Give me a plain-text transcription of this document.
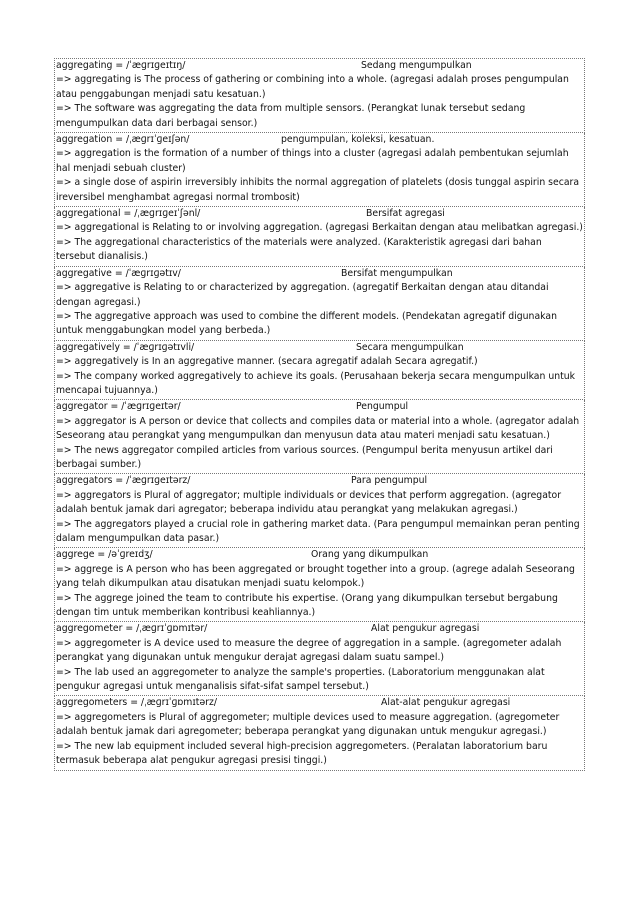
aggregating = /ˈæɡrɪɡeɪtɪŋ/	Sedang mengumpulkan
=> aggregating is The process of gathering or combining into a whole. (agregasi adalah proses pengumpulan atau penggabungan menjadi satu kesatuan.)
=> The software was aggregating the data from multiple sensors. (Perangkat lunak tersebut sedang mengumpulkan data dari berbagai sensor.)
aggregation = /ˌæɡrɪˈɡeɪʃən/	pengumpulan, koleksi, kesatuan.
=> aggregation is the formation of a number of things into a cluster (agregasi adalah pembentukan sejumlah hal menjadi sebuah cluster)
=> a single dose of aspirin irreversibly inhibits the normal aggregation of platelets (dosis tunggal aspirin secara
ireversibel menghambat agregasi normal trombosit)
aggregational = /ˌæɡrɪɡeɪˈʃənl/	Bersifat agregasi
=> aggregational is Relating to or involving aggregation. (agregasi Berkaitan dengan atau melibatkan agregasi.)
=> The aggregational characteristics of the materials were analyzed. (Karakteristik agregasi dari bahan tersebut dianalisis.)
aggregative = /ˈæɡrɪɡətɪv/	Bersifat mengumpulkan
=> aggregative is Relating to or characterized by aggregation. (agregatif Berkaitan dengan atau ditandai dengan agregasi.)
=> The aggregative approach was used to combine the different models. (Pendekatan agregatif digunakan untuk menggabungkan model yang berbeda.)
aggregatively = /ˈæɡrɪɡətɪvli/	Secara mengumpulkan
=> aggregatively is In an aggregative manner. (secara agregatif adalah Secara agregatif.)
=> The company worked aggregatively to achieve its goals. (Perusahaan bekerja secara mengumpulkan untuk mencapai tujuannya.)
aggregator = /ˈæɡrɪɡeɪtər/	Pengumpul
=> aggregator is A person or device that collects and compiles data or material into a whole. (agregator adalah Seseorang atau perangkat yang mengumpulkan dan menyusun data atau materi menjadi satu kesatuan.)
=> The news aggregator compiled articles from various sources. (Pengumpul berita menyusun artikel dari berbagai sumber.)
aggregators = /ˈæɡrɪɡeɪtərz/	Para pengumpul
=> aggregators is Plural of aggregator; multiple individuals or devices that perform aggregation. (agregator adalah bentuk jamak dari agregator; beberapa individu atau perangkat yang melakukan agregasi.)
=> The aggregators played a crucial role in gathering market data. (Para pengumpul memainkan peran penting dalam mengumpulkan data pasar.)
aggrege = /əˈɡreɪdʒ/	Orang yang dikumpulkan
=> aggrege is A person who has been aggregated or brought together into a group. (agrege adalah Seseorang yang telah dikumpulkan atau disatukan menjadi suatu kelompok.)
=> The aggrege joined the team to contribute his expertise. (Orang yang dikumpulkan tersebut bergabung dengan tim untuk memberikan kontribusi keahliannya.)
aggregometer = /ˌæɡrɪˈɡɒmɪtər/	Alat pengukur agregasi
=> aggregometer is A device used to measure the degree of aggregation in a sample. (agregometer adalah perangkat yang digunakan untuk mengukur derajat agregasi dalam suatu sampel.)
=> The lab used an aggregometer to analyze the sample's properties. (Laboratorium menggunakan alat pengukur agregasi untuk menganalisis sifat-sifat sampel tersebut.)
aggregometers = /ˌæɡrɪˈɡɒmɪtərz/	Alat-alat pengukur agregasi
=> aggregometers is Plural of aggregometer; multiple devices used to measure aggregation. (agregometer adalah bentuk jamak dari agregometer; beberapa perangkat yang digunakan untuk mengukur agregasi.)
=> The new lab equipment included several high-precision aggregometers. (Peralatan laboratorium baru termasuk beberapa alat pengukur agregasi presisi tinggi.)
